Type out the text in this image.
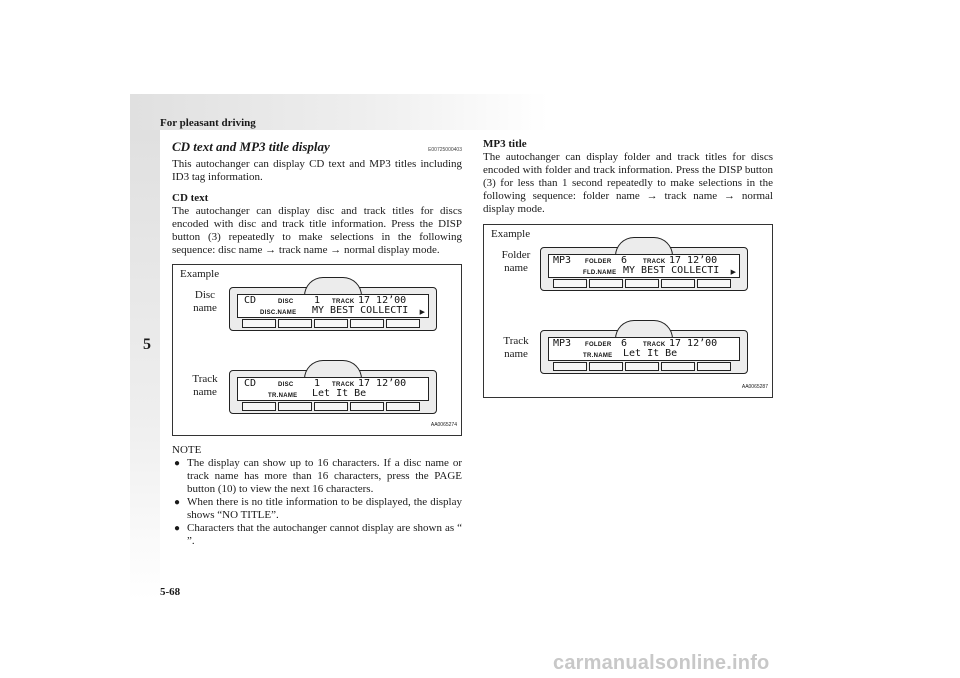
For pleasant driving
5
CD text and MP3 title display	E00725000403

This autochanger can display CD text and MP3 titles including ID3 tag information.

CD text

The autochanger can display disc and track titles for discs encoded with disc and track title information. Press the DISP button (3) repeatedly to make selections in the following sequence: disc name → track name → normal display mode.

Example
Disc
name
CD	DISC 1 TRACK 17 12’00
DISC.NAME MY BEST COLLECTI ▶
Track
name
CD	DISC 1 TRACK 17 12’00
TR.NAME Let It Be
AA0065274

NOTE

● The display can show up to 16 characters. If a disc name or track name has more than 16 characters, press the PAGE button (10) to view the next 16 characters.
● When there is no title information to be displayed, the display shows “NO TITLE”.
● Characters that the autochanger cannot display are shown as “ ”.

MP3 title

The autochanger can display folder and track titles for discs encoded with folder and track information. Press the DISP button (3) for less than 1 second repeatedly to make selections in the following sequence: folder name → track name → normal display mode.

Example
Folder
name
MP3 FOLDER 6	TRACK 17 12’00
FLD.NAME MY BEST COLLECTI ▶
Track
name
MP3 FOLDER 6	TRACK 17 12’00
TR.NAME Let It Be
AA0065287
5-68
carmanualsonline.info
